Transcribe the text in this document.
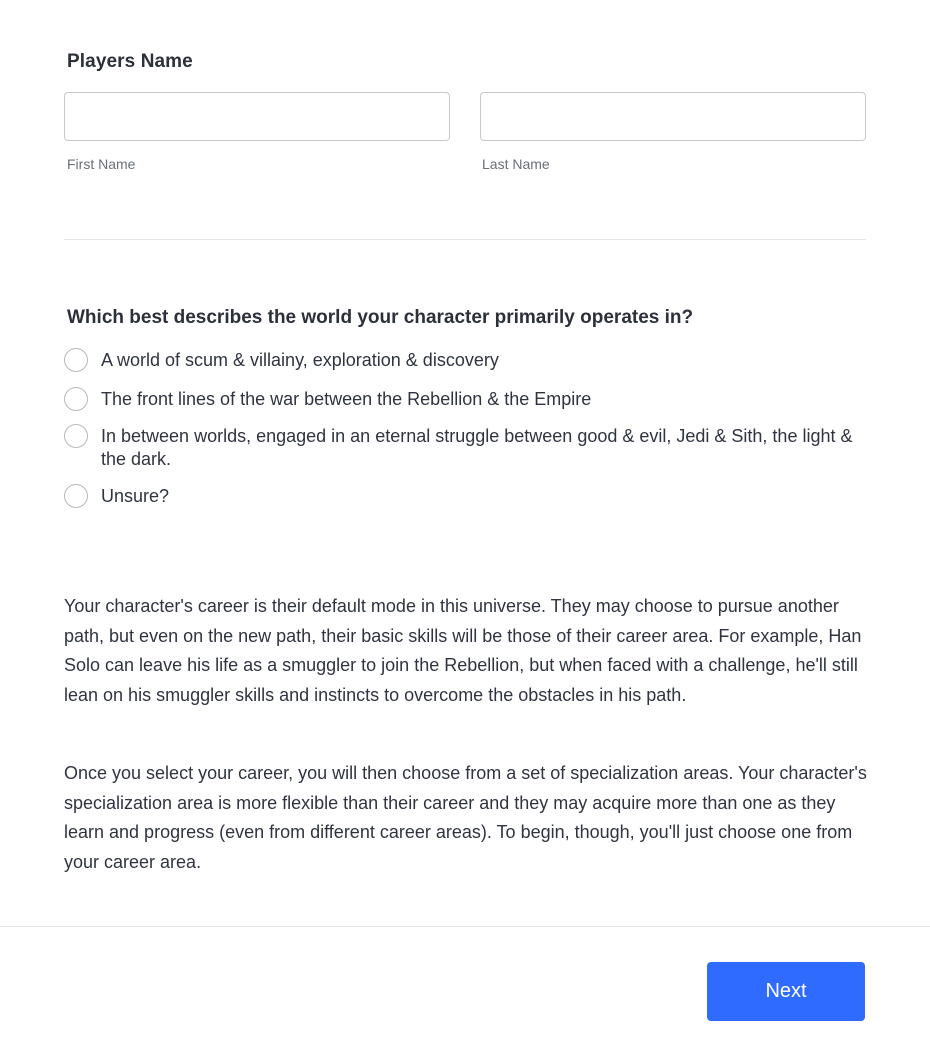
Players Name
First Name	Last Name
Which best describes the world your character primarily operates in?
A world of scum & villainy, exploration & discovery
The front lines of the war between the Rebellion & the Empire
In between worlds, engaged in an eternal struggle between good & evil, Jedi & Sith, the light & the dark.
Unsure?

Your character's career is their default mode in this universe. They may choose to pursue another path, but even on the new path, their basic skills will be those of their career area. For example, Han Solo can leave his life as a smuggler to join the Rebellion, but when faced with a challenge, he'll still lean on his smuggler skills and instincts to overcome the obstacles in his path.

Once you select your career, you will then choose from a set of specialization areas. Your character's specialization area is more flexible than their career and they may acquire more than one as they learn and progress (even from different career areas). To begin, though, you'll just choose one from your career area.

Next
